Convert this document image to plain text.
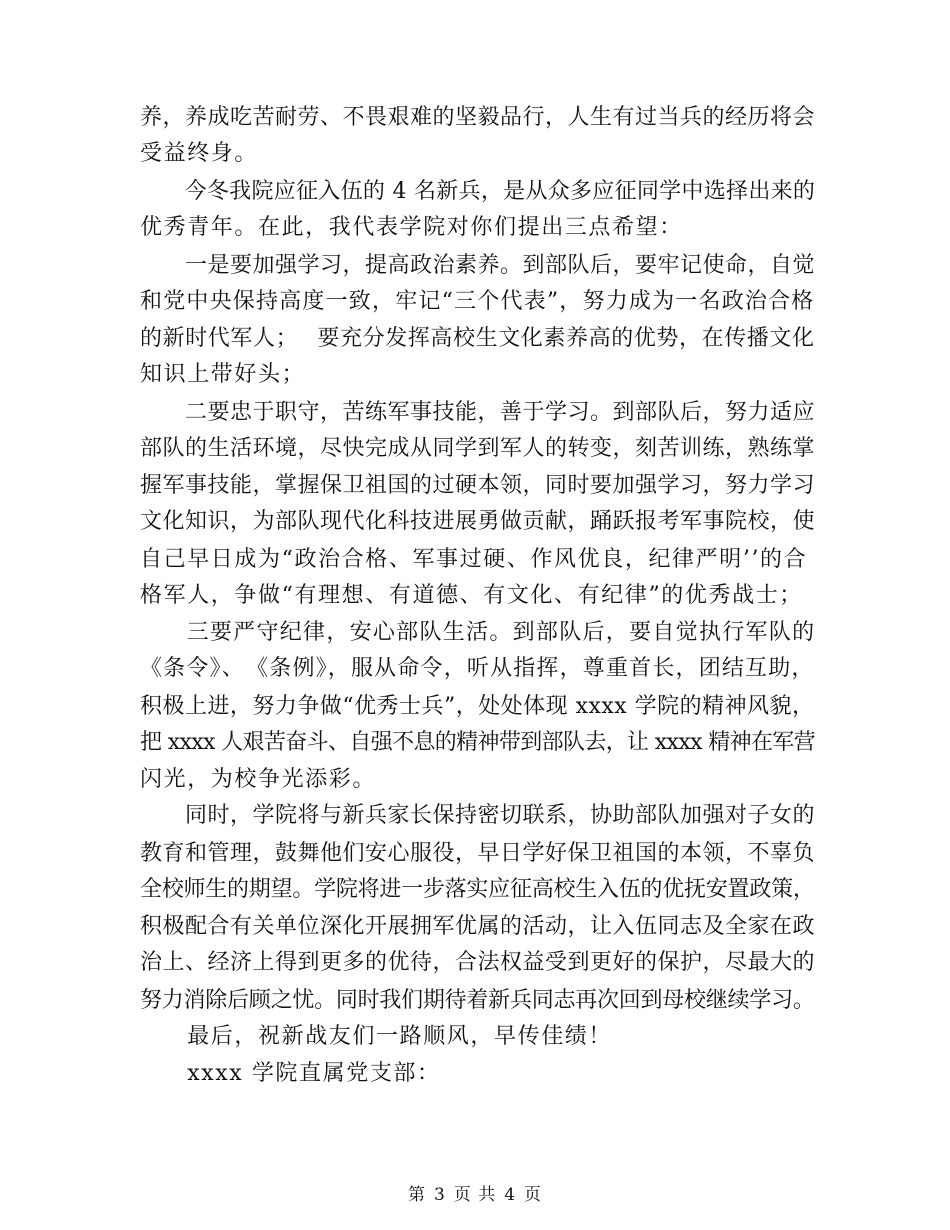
养，养成吃苦耐劳、不畏艰难的坚毅品行，人生有过当兵的经历将会
受益终身。
　　今冬我院应征入伍的 4 名新兵，是从众多应征同学中选择出来的
优秀青年。在此，我代表学院对你们提出三点希望：
　　一是要加强学习，提高政治素养。到部队后，要牢记使命，自觉
和党中央保持高度一致，牢记“三个代表”，努力成为一名政治合格
的新时代军人；　 要充分发挥高校生文化素养高的优势，在传播文化
知识上带好头；
　　二要忠于职守，苦练军事技能，善于学习。到部队后，努力适应
部队的生活环境，尽快完成从同学到军人的转变，刻苦训练，熟练掌
握军事技能，掌握保卫祖国的过硬本领，同时要加强学习，努力学习
文化知识，为部队现代化科技进展勇做贡献，踊跃报考军事院校，使
自己早日成为“政治合格、军事过硬、作风优良，纪律严明’’的合
格军人，争做“有理想、有道德、有文化、有纪律”的优秀战士；
　　三要严守纪律，安心部队生活。到部队后，要自觉执行军队的
《条令》、　《条例》，服从命令，听从指挥，尊重首长，团结互助，
积极上进，努力争做“优秀士兵”，处处体现 xxxx 学院的精神风貌，
把 xxxx 人艰苦奋斗、自强不息的精神带到部队去，让 xxxx 精神在军营
闪光，为校争光添彩。
　　同时，学院将与新兵家长保持密切联系，协助部队加强对子女的
教育和管理，鼓舞他们安心服役，早日学好保卫祖国的本领，不辜负
全校师生的期望。学院将进一步落实应征高校生入伍的优抚安置政策，
积极配合有关单位深化开展拥军优属的活动，让入伍同志及全家在政
治上、经济上得到更多的优待，合法权益受到更好的保护，尽最大的
努力消除后顾之忧。同时我们期待着新兵同志再次回到母校继续学习。
　　最后，祝新战友们一路顺风，早传佳绩！
　　xxxx 学院直属党支部：
第 3 页 共 4 页
